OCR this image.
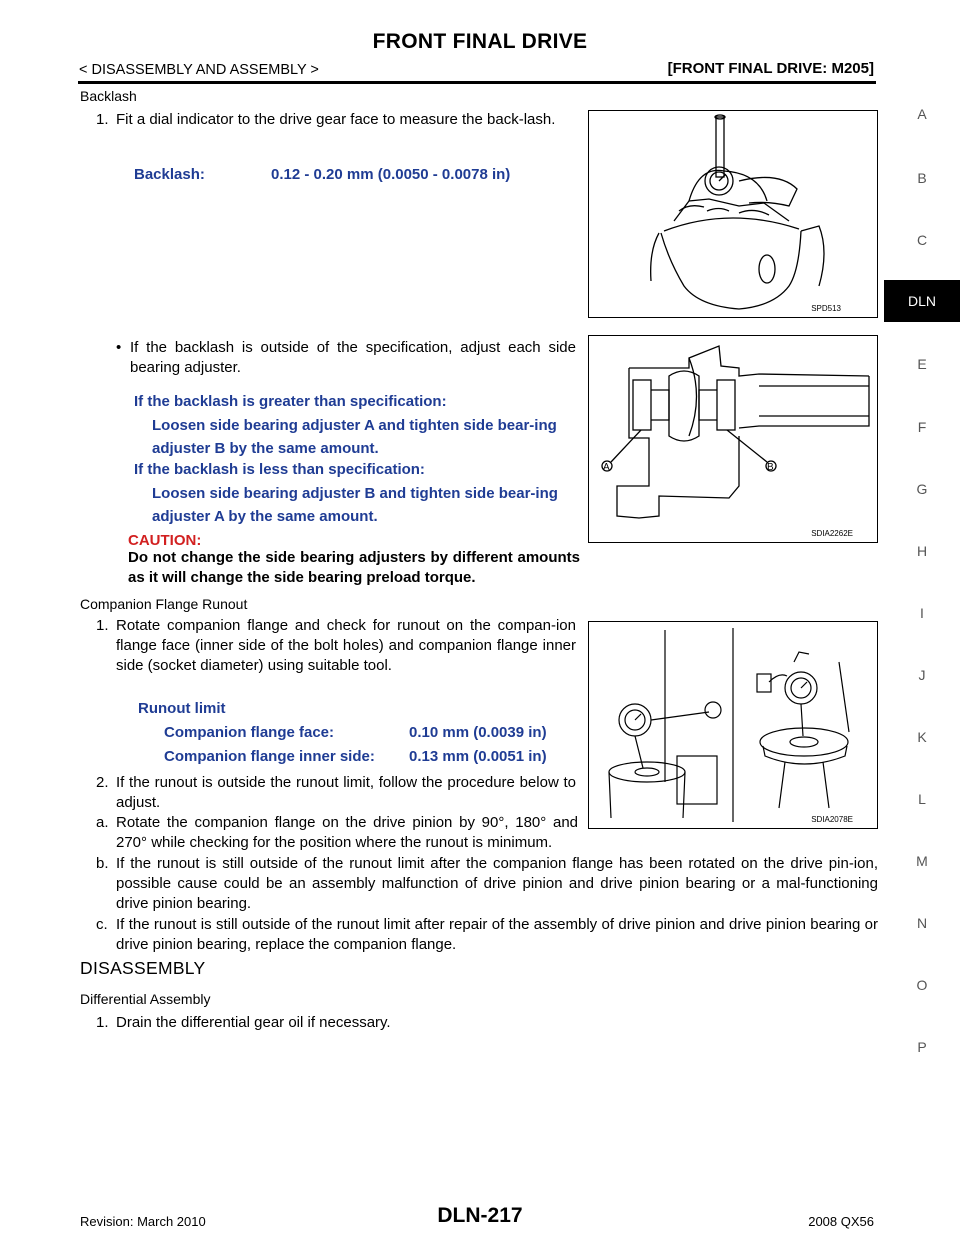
FRONT FINAL DRIVE
< DISASSEMBLY AND ASSEMBLY >	[FRONT FINAL DRIVE: M205]
A
B
C
DLN
E
F
G
H
I
J
K
L
M
N
O
P
Backlash
1. Fit a dial indicator to the drive gear face to measure the back-lash.
Backlash:	0.12 - 0.20 mm (0.0050 - 0.0078 in)
SPD513
• If the backlash is outside of the specification, adjust each side bearing adjuster.
If the backlash is greater than specification:
Loosen side bearing adjuster A and tighten side bear-ing adjuster B by the same amount.
If the backlash is less than specification:
Loosen side bearing adjuster B and tighten side bear-ing adjuster A by the same amount.
CAUTION:
Do not change the side bearing adjusters by different amounts as it will change the side bearing preload torque.
A	B
SDIA2262E
Companion Flange Runout
1. Rotate companion flange and check for runout on the compan-ion flange face (inner side of the bolt holes) and companion flange inner side (socket diameter) using suitable tool.
Runout limit
Companion flange face:	0.10 mm (0.0039 in)
Companion flange inner side: 0.13 mm (0.0051 in)
2. If the runout is outside the runout limit, follow the procedure below to adjust.
a. Rotate the companion flange on the drive pinion by 90°, 180° and 270° while checking for the position where the runout is minimum.
b. If the runout is still outside of the runout limit after the companion flange has been rotated on the drive pin-ion, possible cause could be an assembly malfunction of drive pinion and drive pinion bearing or a mal-functioning drive pinion bearing.
c. If the runout is still outside of the runout limit after repair of the assembly of drive pinion and drive pinion bearing or drive pinion bearing, replace the companion flange.
SDIA2078E
DISASSEMBLY
Differential Assembly
1. Drain the differential gear oil if necessary.
Revision: March 2010	DLN-217	2008 QX56
